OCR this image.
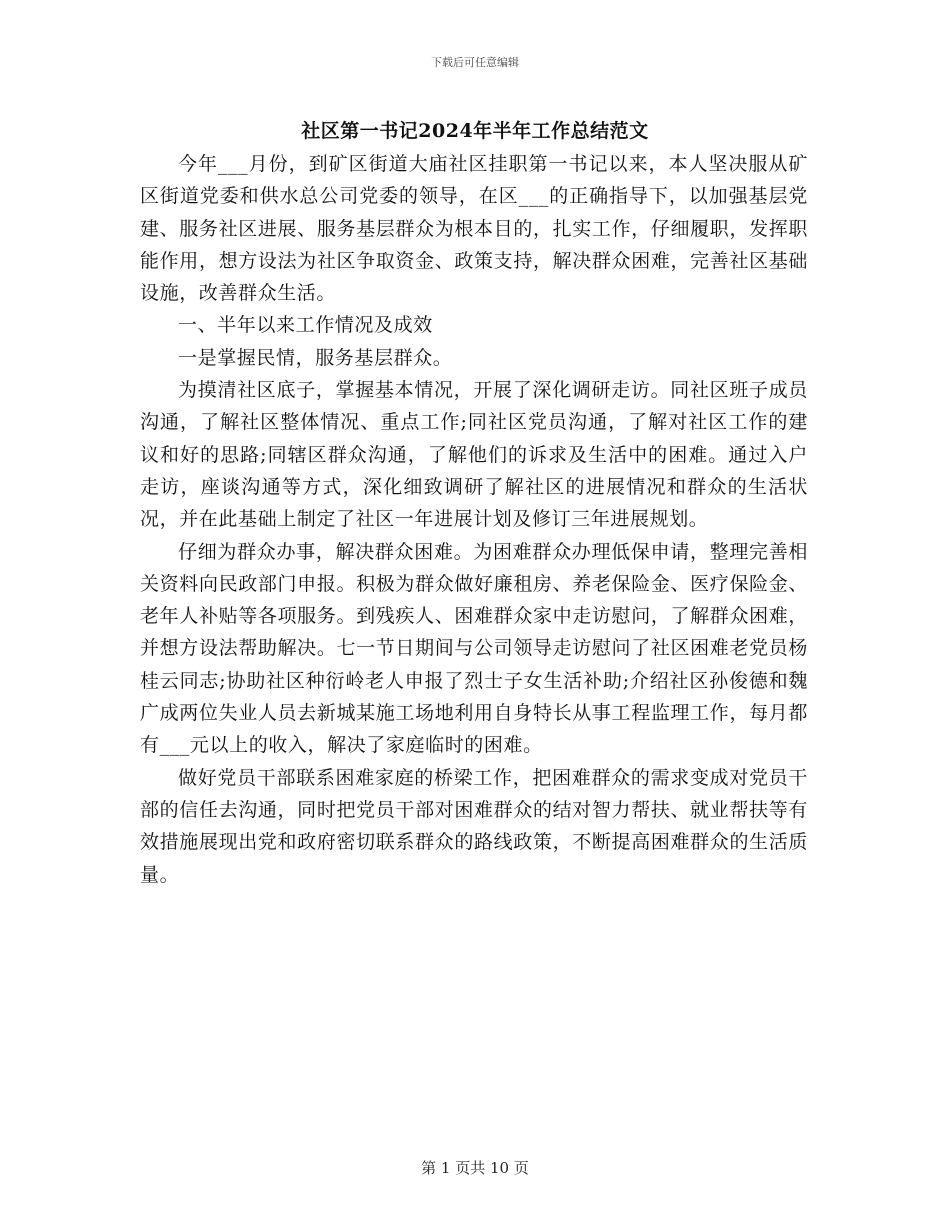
下载后可任意编辑
社区第一书记2024年半年工作总结范文

今年___月份，到矿区街道大庙社区挂职第一书记以来，本人坚决服从矿区街道党委和供水总公司党委的领导，在区___的正确指导下，以加强基层党建、服务社区进展、服务基层群众为根本目的，扎实工作，仔细履职，发挥职能作用，想方设法为社区争取资金、政策支持，解决群众困难，完善社区基础设施，改善群众生活。

一、半年以来工作情况及成效

一是掌握民情，服务基层群众。

为摸清社区底子，掌握基本情况，开展了深化调研走访。同社区班子成员沟通，了解社区整体情况、重点工作;同社区党员沟通，了解对社区工作的建议和好的思路;同辖区群众沟通，了解他们的诉求及生活中的困难。通过入户走访，座谈沟通等方式，深化细致调研了解社区的进展情况和群众的生活状况，并在此基础上制定了社区一年进展计划及修订三年进展规划。

仔细为群众办事，解决群众困难。为困难群众办理低保申请，整理完善相关资料向民政部门申报。积极为群众做好廉租房、养老保险金、医疗保险金、老年人补贴等各项服务。到残疾人、困难群众家中走访慰问，了解群众困难，并想方设法帮助解决。七一节日期间与公司领导走访慰问了社区困难老党员杨桂云同志;协助社区种衍岭老人申报了烈士子女生活补助;介绍社区孙俊德和魏广成两位失业人员去新城某施工场地利用自身特长从事工程监理工作，每月都有___元以上的收入，解决了家庭临时的困难。

做好党员干部联系困难家庭的桥梁工作，把困难群众的需求变成对党员干部的信任去沟通，同时把党员干部对困难群众的结对智力帮扶、就业帮扶等有效措施展现出党和政府密切联系群众的路线政策，不断提高困难群众的生活质量。

第 1 页共 10 页
